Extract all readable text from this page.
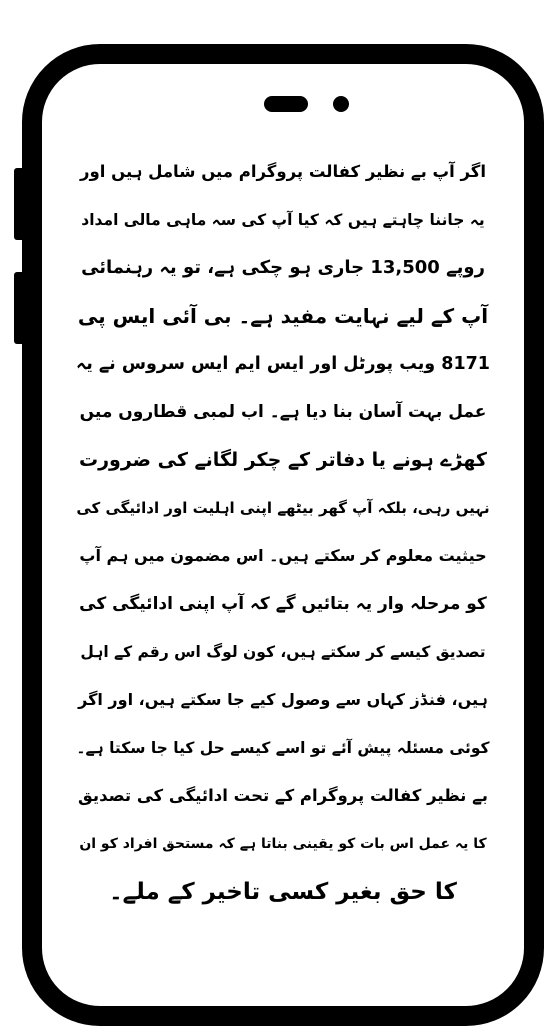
اگر آپ بے نظیر کفالت پروگرام میں شامل ہیں اور
یہ جاننا چاہتے ہیں کہ کیا آپ کی سہ ماہی مالی امداد
روپے 13,500 جاری ہو چکی ہے، تو یہ رہنمائی
آپ کے لیے نہایت مفید ہے۔ بی آئی ایس پی
8171 ویب پورٹل اور ایس ایم ایس سروس نے یہ
عمل بہت آسان بنا دیا ہے۔ اب لمبی قطاروں میں
کھڑے ہونے یا دفاتر کے چکر لگانے کی ضرورت
نہیں رہی، بلکہ آپ گھر بیٹھے اپنی اہلیت اور ادائیگی کی
حیثیت معلوم کر سکتے ہیں۔ اس مضمون میں ہم آپ
کو مرحلہ وار یہ بتائیں گے کہ آپ اپنی ادائیگی کی
تصدیق کیسے کر سکتے ہیں، کون لوگ اس رقم کے اہل
ہیں، فنڈز کہاں سے وصول کیے جا سکتے ہیں، اور اگر
کوئی مسئلہ پیش آئے تو اسے کیسے حل کیا جا سکتا ہے۔
بے نظیر کفالت پروگرام کے تحت ادائیگی کی تصدیق
کا یہ عمل اس بات کو یقینی بناتا ہے کہ مستحق افراد کو ان
کا حق بغیر کسی تاخیر کے ملے۔
